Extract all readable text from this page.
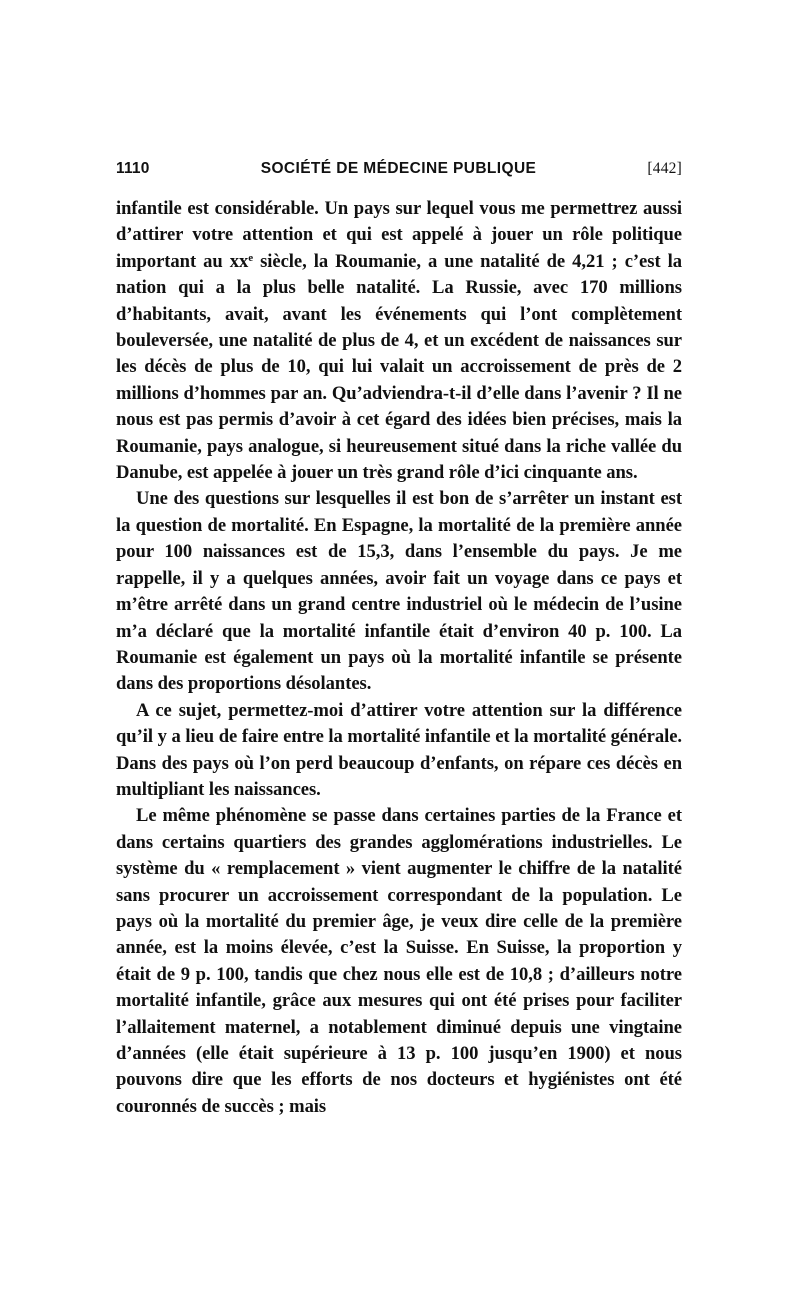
1110	SOCIÉTÉ DE MÉDECINE PUBLIQUE	[442]

infantile est considérable. Un pays sur lequel vous me permettrez aussi d’attirer votre attention et qui est appelé à jouer un rôle politique important au $xx^e$ siècle, la Roumanie, a une natalité de 4,21 ; c’est la nation qui a la plus belle natalité. La Russie, avec 170 millions d’habitants, avait, avant les événements qui l’ont complètement bouleversée, une natalité de plus de 4, et un excédent de naissances sur les décès de plus de 10, qui lui valait un accroissement de près de 2 millions d’hommes par an. Qu’adviendra-t-il d’elle dans l’avenir ? Il ne nous est pas permis d’avoir à cet égard des idées bien précises, mais la Roumanie, pays analogue, si heureusement situé dans la riche vallée du Danube, est appelée à jouer un très grand rôle d’ici cinquante ans.

Une des questions sur lesquelles il est bon de s’arrêter un instant est la question de mortalité. En Espagne, la mortalité de la première année pour 100 naissances est de 15,3, dans l’ensemble du pays. Je me rappelle, il y a quelques années, avoir fait un voyage dans ce pays et m’être arrêté dans un grand centre industriel où le médecin de l’usine m’a déclaré que la mortalité infantile était d’environ 40 p. 100. La Roumanie est également un pays où la mortalité infantile se présente dans des proportions désolantes.

A ce sujet, permettez-moi d’attirer votre attention sur la différence qu’il y a lieu de faire entre la mortalité infantile et la mortalité générale. Dans des pays où l’on perd beaucoup d’enfants, on répare ces décès en multipliant les naissances.

Le même phénomène se passe dans certaines parties de la France et dans certains quartiers des grandes agglomérations industrielles. Le système du « remplacement » vient augmenter le chiffre de la natalité sans procurer un accroissement correspondant de la population. Le pays où la mortalité du premier âge, je veux dire celle de la première année, est la moins élevée, c’est la Suisse. En Suisse, la proportion y était de 9 p. 100, tandis que chez nous elle est de 10,8 ; d’ailleurs notre mortalité infantile, grâce aux mesures qui ont été prises pour faciliter l’allaitement maternel, a notablement diminué depuis une vingtaine d’années (elle était supérieure à 13 p. 100 jusqu’en 1900) et nous pouvons dire que les efforts de nos docteurs et hygiénistes ont été couronnés de succès ; mais
